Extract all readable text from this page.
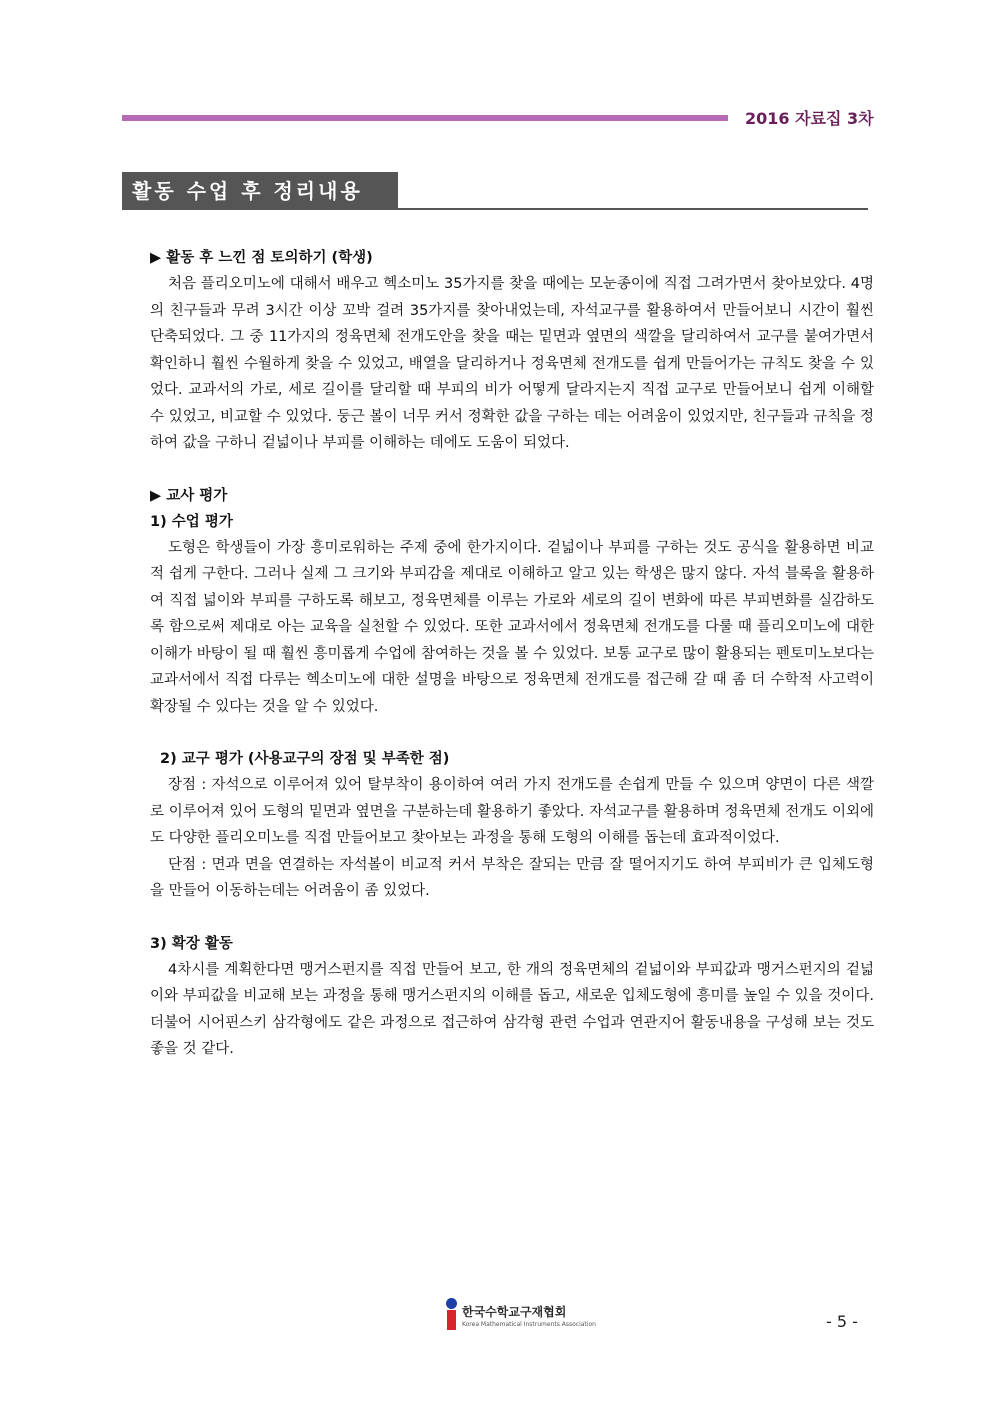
2016 자료집 3차
활동 수업 후 정리내용
▶ 활동 후 느낀 점 토의하기 (학생)

처음 플리오미노에 대해서 배우고 헥소미노 35가지를 찾을 때에는 모눈종이에 직접 그려가면서 찾아보았다. 4명의 친구들과 무려 3시간 이상 꼬박 걸려 35가지를 찾아내었는데, 자석교구를 활용하여서 만들어보니 시간이 훨씬 단축되었다. 그 중 11가지의 정육면체 전개도안을 찾을 때는 밑면과 옆면의 색깔을 달리하여서 교구를 붙여가면서 확인하니 훨씬 수월하게 찾을 수 있었고, 배열을 달리하거나 정육면체 전개도를 쉽게 만들어가는 규칙도 찾을 수 있었다. 교과서의 가로, 세로 길이를 달리할 때 부피의 비가 어떻게 달라지는지 직접 교구로 만들어보니 쉽게 이해할 수 있었고, 비교할 수 있었다. 둥근 볼이 너무 커서 정확한 값을 구하는 데는 어려움이 있었지만, 친구들과 규칙을 정하여 값을 구하니 겉넓이나 부피를 이해하는 데에도 도움이 되었다.

▶ 교사 평가
1) 수업 평가

도형은 학생들이 가장 흥미로워하는 주제 중에 한가지이다. 겉넓이나 부피를 구하는 것도 공식을 활용하면 비교적 쉽게 구한다. 그러나 실제 그 크기와 부피감을 제대로 이해하고 알고 있는 학생은 많지 않다. 자석 블록을 활용하여 직접 넓이와 부피를 구하도록 해보고, 정육면체를 이루는 가로와 세로의 길이 변화에 따른 부피변화를 실감하도록 함으로써 제대로 아는 교육을 실천할 수 있었다. 또한 교과서에서 정육면체 전개도를 다룰 때 플리오미노에 대한 이해가 바탕이 될 때 훨씬 흥미롭게 수업에 참여하는 것을 볼 수 있었다. 보통 교구로 많이 활용되는 펜토미노보다는 교과서에서 직접 다루는 헥소미노에 대한 설명을 바탕으로 정육면체 전개도를 접근해 갈 때 좀 더 수학적 사고력이 확장될 수 있다는 것을 알 수 있었다.

2) 교구 평가 (사용교구의 장점 및 부족한 점)

장점 : 자석으로 이루어져 있어 탈부착이 용이하여 여러 가지 전개도를 손쉽게 만들 수 있으며 양면이 다른 색깔로 이루어져 있어 도형의 밑면과 옆면을 구분하는데 활용하기 좋았다. 자석교구를 활용하며 정육면체 전개도 이외에도 다양한 플리오미노를 직접 만들어보고 찾아보는 과정을 통해 도형의 이해를 돕는데 효과적이었다.

단점 : 면과 면을 연결하는 자석볼이 비교적 커서 부착은 잘되는 만큼 잘 떨어지기도 하여 부피비가 큰 입체도형을 만들어 이동하는데는 어려움이 좀 있었다.

3) 확장 활동

4차시를 계획한다면 맹거스펀지를 직접 만들어 보고, 한 개의 정육면체의 겉넓이와 부피값과 맹거스펀지의 겉넓이와 부피값을 비교해 보는 과정을 통해 맹거스펀지의 이해를 돕고, 새로운 입체도형에 흥미를 높일 수 있을 것이다. 더불어 시어핀스키 삼각형에도 같은 과정으로 접근하여 삼각형 관련 수업과 연관지어 활동내용을 구성해 보는 것도 좋을 것 같다.

한국수학교구재협회
Korea Mathematical Instruments Association	- 5 -
